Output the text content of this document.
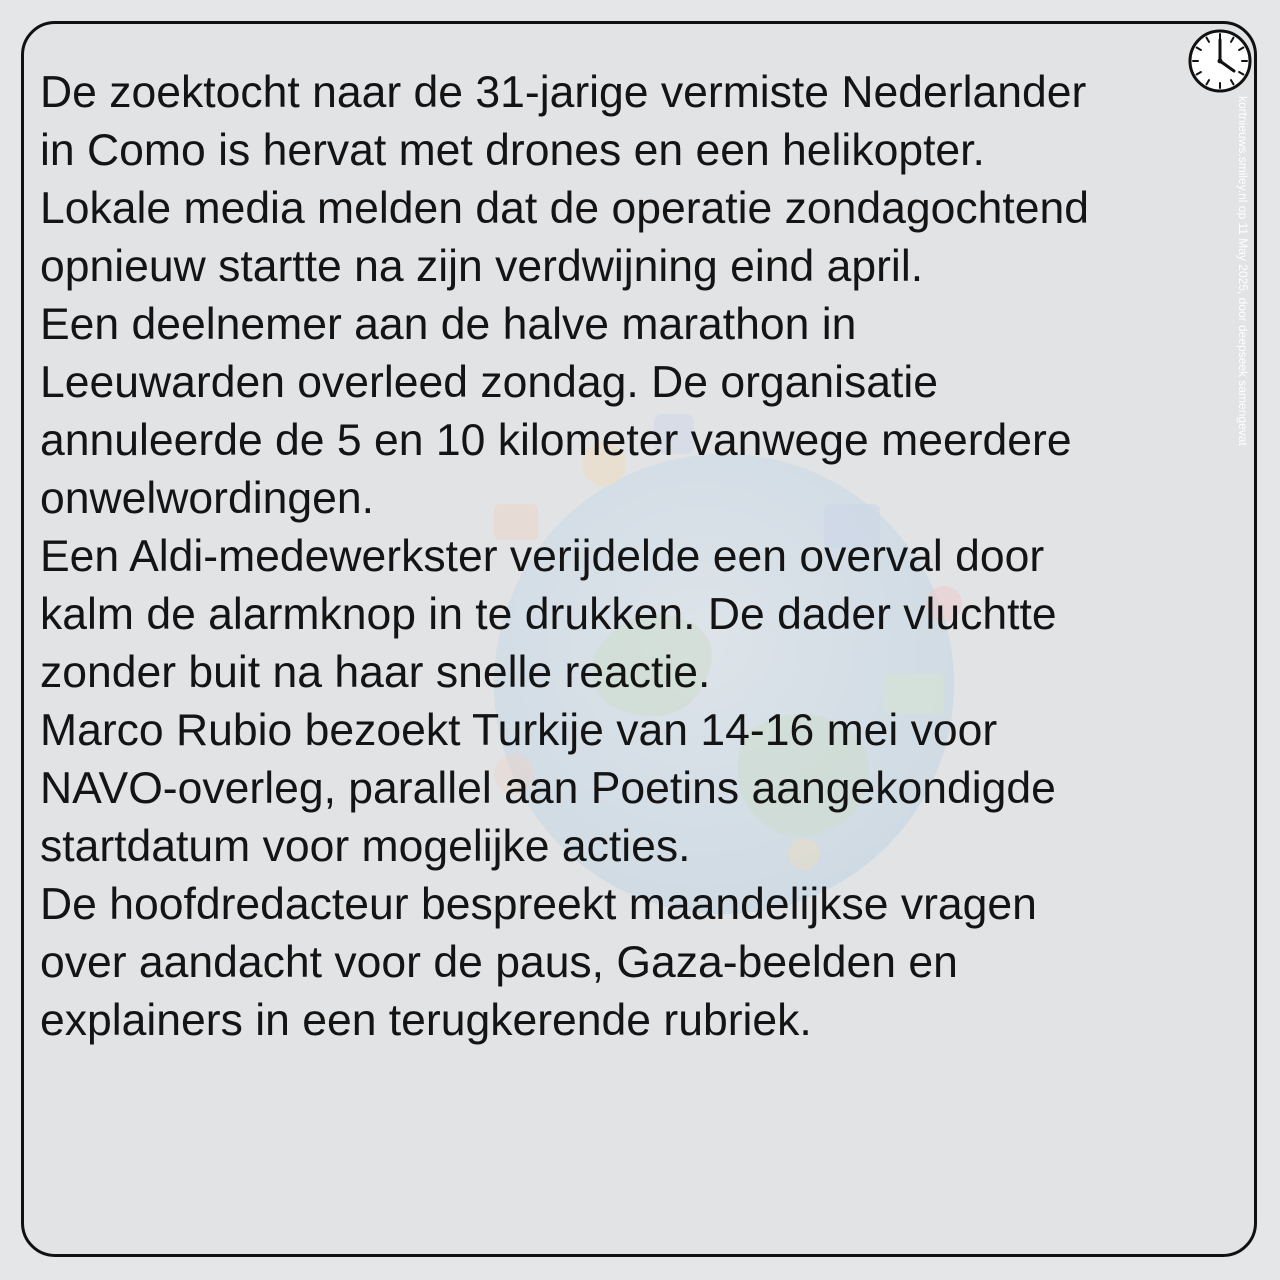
De zoektocht naar de 31-jarige vermiste Nederlander
in Como is hervat met drones en een helikopter.
Lokale media melden dat de operatie zondagochtend
opnieuw startte na zijn verdwijning eind april.
Een deelnemer aan de halve marathon in
Leeuwarden overleed zondag. De organisatie
annuleerde de 5 en 10 kilometer vanwege meerdere
onwelwordingen.
Een Aldi-medewerkster verijdelde een overval door
kalm de alarmknop in te drukken. De dader vluchtte
zonder buit na haar snelle reactie.
Marco Rubio bezoekt Turkije van 14-16 mei voor
NAVO-overleg, parallel aan Poetins aangekondigde
startdatum voor mogelijke acties.
De hoofdredacteur bespreekt maandelijkse vragen
over aandacht voor de paus, Gaza-beelden en
explainers in een terugkerende rubriek.

kortnieuws.smiley.nl op 11 May 2025, door deepseek samengevat
